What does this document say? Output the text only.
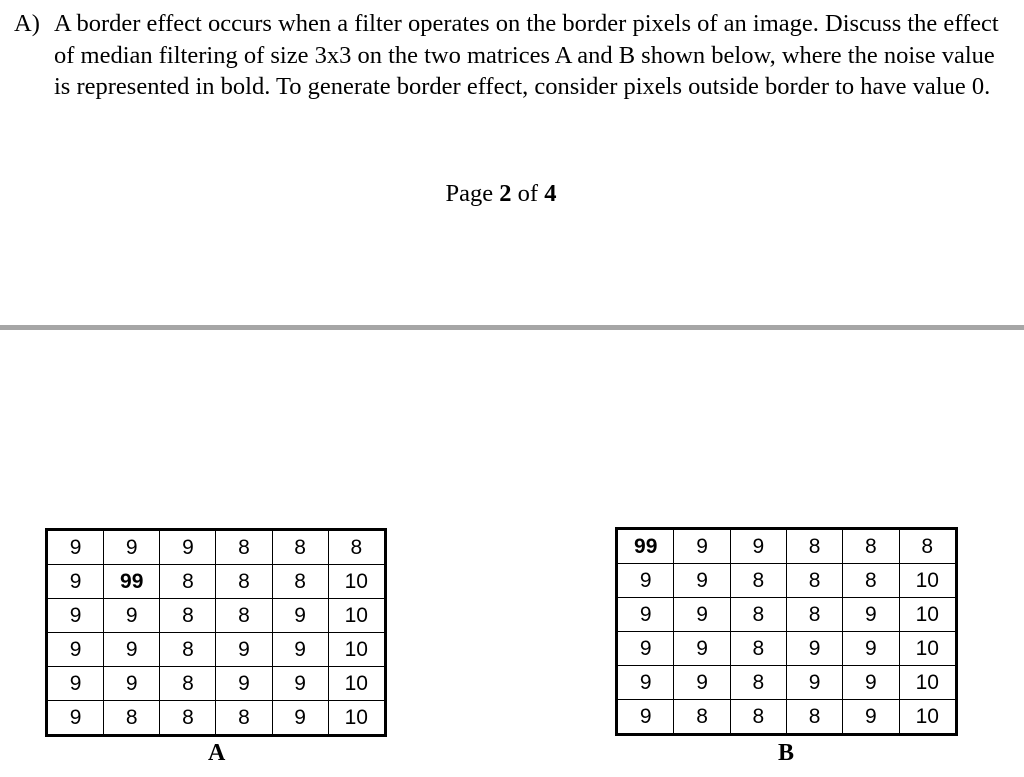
A) A border effect occurs when a filter operates on the border pixels of an image. Discuss the effect of median filtering of size 3x3 on the two matrices A and B shown below, where the noise value is represented in bold. To generate border effect, consider pixels outside border to have value 0.
Page 2 of 4
9	9	9	8	8	8
9	99	8	8	8	10
9	9	8	8	9	10
9	9	8	9	9	10
9	9	8	9	9	10
9	8	8	8	9	10
A
99	9	9	8	8	8
9	9	8	8	8	10
9	9	8	8	9	10
9	9	8	9	9	10
9	9	8	9	9	10
9	8	8	8	9	10
B
